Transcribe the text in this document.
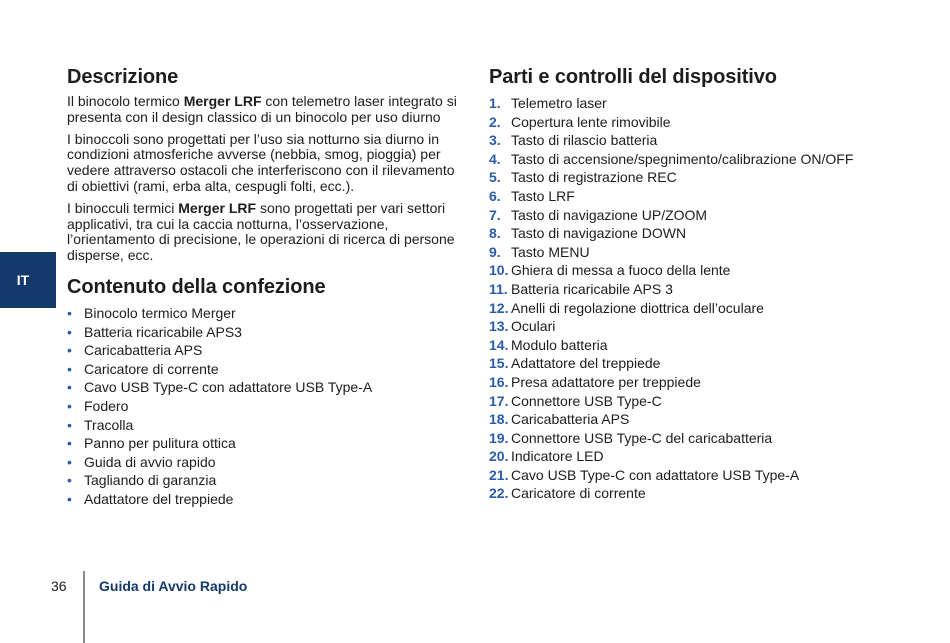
IT
Descrizione

Il binocolo termico Merger LRF con telemetro laser integrato si presenta con il design classico di un binocolo per uso diurno

I binoccoli sono progettati per l’uso sia notturno sia diurno in condizioni atmosferiche avverse (nebbia, smog, pioggia) per vedere attraverso ostacoli che interferiscono con il rilevamento di obiettivi (rami, erba alta, cespugli folti, ecc.).

I binocculi termici Merger LRF sono progettati per vari settori applicativi, tra cui la caccia notturna, l’osservazione, l’orientamento di precisione, le operazioni di ricerca di persone disperse, ecc.

Contenuto della confezione
• Binocolo termico Merger
• Batteria ricaricabile APS3
• Caricabatteria APS
• Caricatore di corrente
• Cavo USB Type-C con adattatore USB Type-A
• Fodero
• Tracolla
• Panno per pulitura ottica
• Guida di avvio rapido
• Tagliando di garanzia
• Adattatore del treppiede
Parti e controlli del dispositivo
1. Telemetro laser
2. Copertura lente rimovibile
3. Tasto di rilascio batteria
4. Tasto di accensione/spegnimento/calibrazione ON/OFF
5. Tasto di registrazione REC
6. Tasto LRF
7. Tasto di navigazione UP/ZOOM
8. Tasto di navigazione DOWN
9. Tasto MENU
10. Ghiera di messa a fuoco della lente
11. Batteria ricaricabile APS 3
12. Anelli di regolazione diottrica dell’oculare
13. Oculari
14. Modulo batteria
15. Adattatore del treppiede
16. Presa adattatore per treppiede
17. Connettore USB Type-C
18. Caricabatteria APS
19. Connettore USB Type-C del caricabatteria
20. Indicatore LED
21. Cavo USB Type-C con adattatore USB Type-A
22. Caricatore di corrente
36 Guida di Avvio Rapido
